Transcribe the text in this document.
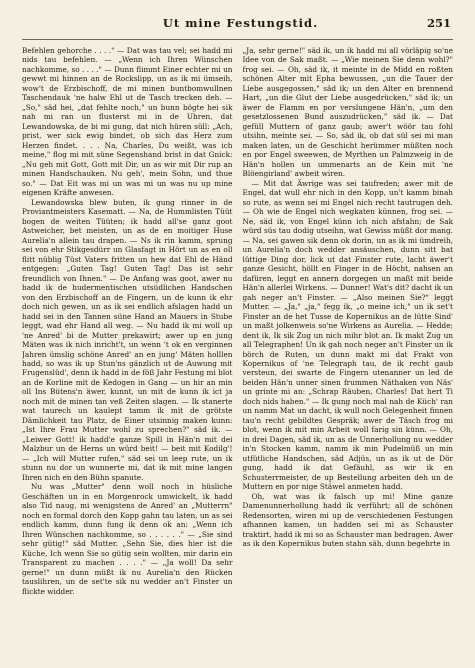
Ut mine Festungstid.	251

Befehlen gehorche . . . ." — Dat was tau vel; sei hadd mi nids tau befehlen. — „Wenn ich Ihren Wünschen nachkomme, so . . . ." — Dunn flimmt Einer echter mi un gewwt mi hinnen an de Rockslipp, un as ik mi ümseih, wow't de Erzbischoff, de mi minen buntbomwullnen Taschendauk 'ne halw Ehl ut de Tasch trecken deh. — „So," säd hei, „dat fehlte noch," un bunn bögte hei sik nah mi ran un flusterst mi in de Uhren, dat Lewandowska, de bi mi gung, dat nich hüren süll: „Ach, prist, wer sick ewig bindet, ob sich das Herz zum Herzen findet. . . . Na, Charles, Du weißt, was ich meine," flog mi mit süne Segenshand brist in dat Gnick: „Nu geh mit Gott, Gott mit Dir, un as wir mit Dir rup an minen Handschauken. Nu geh', mein Sohn, und thue so." — Dat Eit was mi un was mi un was nu up mine eigenen Kräfte anwesen.

Lewandowska blew buten, ik gung rinner in de Proviantmeisters Kasematt. — Na, de Hummlisten Tüüt bogen de weiten Tüüten; ik hadd all'se ganz goot Astweicher, bet meisten, un as de en moitiger Huse Aurelia'n allein tau drapen. — Ns ik rin kamm, sprung sei von ehr Stikgesdürr un Glasfagt in Hört un as en oll flitt nüblig Tüst Vaters fritten un hew dat Ehl de Händ entgegen: „Guten Tag! Guten Tag! Das ist sehr freundlich von Ihnen." — De Anfang was goot, awer nu hadd ik de hudermentischen utsüdlichen Handschen von den Erzbischoff an de Fingern, un de kunn ik ehr doch nich gewen, un as ik sei endlich afslagen hadd un hadd sei in den Tannen süne Hand an Mauers in Stube leggt, wad ehr Hand all weg. — Nu hadd ik mi woll up 'ne Anred' bi de Mutter prekawirt; awer up en jung Mäten was ik nich inricht't, un wenn 't ok en verginnen Jahren ümslig schöne Anred' an en jung' Mäten holllen hadd, so was ik up Stun'ns gänzlich ut de Auwung mit Frugenslüd', denn ik hadd in de föß Jahr Festung mi blot an de Korline mit de Kedogen in Gang — un hir an min oll Ins Bütens'n äwer, kunnt, un mit de kunn ik ict ja noch mit de minen tan veß Zeiten slagen. — Ik stanerte wat taurech un kaulept tamm ik mit de grötste Dämlichkeit tau Platz, de Einer utsinnig maken kunn: „Ist Ihre Frau Mutter wohl zu sprechen?" säd ik. — „Leiwer Gott! ik hadd'e ganze Spill in Hän'n mit dei Malzbur un de Herns un würd beit! — beit mit Kodilg'! — „Ich will Mutter rufen," säd sei un leep rute, un ik stunn nu dor un wunnerte mi, dat ik mit mine langen Ihren nich en den Bühn spanute.

Nu was „Mutter" denn woll noch in hüsliche Geschäften un in en Morgenrock umwickelt, ik hadd also Tid naug, mi wenigstens de Anred' an „Mutterrn" noch en formal dorch den Kopp gahn tau laten, un as sei endlich kamm, dunn fung ik denn ok an: „Wenn ich Ihren Wünschen nachkomme, so . . . . . ." — „Sie sind sehr gütig!" säd Mutter. „Sehn Sie, dies hier ist die Küche, Ich wenn Sie so gütig sein wollten, mir darin ein Transparent zu machen . . . ." — „Ja woll! Da sehr gerne!" un dunn müßt ik nu Aurelia'n den Rücken tauslihren, un de set'te sik nu wedder an't Finster un flickte widder.

„Ja, sehr gerne!" säd ik, un ik hadd mi all vörläpig so'ne Idee von de Sak maßt. — „Wie meinen Sie denn wohl?" frog sei. — Oh, säd ik, it meinte in de Midd en roßten schönen Alter mit Epha bewussen, „un die Tauer der Liebe ausgegossen," säd ik; un den Alter en brennend Hart, „un die Glut der Liebe ausgedrücken," säd ik; un äwer de Flamm en por verslungene Hän'n, „um den gesetzlossenen Bund auszudrücken," säd ik. — Dat gefüll Muttern of ganz gaub; awer't wöör tau fohl utsihn, meinte sei. — So, säd ik, ob dat sül sei mi man maken laten, un de Geschicht herümmer müßten noch en por Engel sweewen, de Myrthen un Palmzweig in de Hän'n hollen un ummenarts an de Kein mit 'ne Blöengirland' awbeit wiren.

— Mit dat Äwrige was sei taufreden; awer mit de Engel, dat wull ehr nich in den Kopp, un't kamm binah so rute, as wenn sei mi Engel nich recht tautrugen deh. — Oh wie de Engel nich wegkaten künnen, frog sei. — Ne, säd ik, von Engel künn ich nich afstahn; de Sak würd süs tau dodig utseihn, wat Gewiss müßt dor mang. — Na, sei gawen sik denn ok dorin, un as ik mi ümdreih, un Aurelia'n doch wedder ansäuschen, dunn sitt bat lüttige Ding dor, lick ut dat Finster rute, lacht äwer't ganze Gesicht, höllt en Finger in de Höcht, nahsen an dafüren, leggt en annern dorgegen un maßt mit beide Hän'n allerlei Wirkens. — Dunner! Wat's dit? dacht ik un gah neger an't Finster. — „Also meinen Sie?" leggt Mutter. — „Ja," „ja," fegg ik, „o meine ich," un ik set't Finster an de het Tusse de Kopernikus an de lütte Sind' un maßt jolkenweis so'ne Wirkens as Aurelia. — Hedde; dent ik, Ik sik Zug un nich mihr blot an. Ik makt Zug un all Telegraphen! Un ik gah noch neger an't Finster un ik börch de Ruten, un dunn makt mi dat Frakt von Kopernikus of 'ne Telegraph tau, de ik recht gaub versteun, dei swarte de Fingern utenanner un led de beiden Hän'n unner sinen frummen Näthaken von Näs' un grinte mi an: „Schrap Räuben, Charles! Dat hert Ti doch nids haben." — Ik gung noch mal nah de Küch' ran un namm Mat un dacht, ik wull noch Gelegenheit finnen tau'n recht gebildtes Gespräk; awer de Täsch frog mi blot, wenn ik mit min Arbeit woll farig sin künn. — Oh, in drei Dagen, säd ik, un as de Unnerhollung nu wedder in'n Stocken kamm, namm ik min Pudelmüß un min utfütliche Handschen, säd Adjüs, un as ik ut de Dör gung, hadd ik dat Gefäuhl, as wir ik en Schusterrmeister, de up Bestellung arbeiten deh un de Muttern en por nige Stäwel anmeten hadd.

Oh, wat was ik falsch up mi! Mine ganze Damenunnerhollung hadd ik verführt; all de schönen Redensorten, wiren mi up de verschiedenen Festungen afhannen kamen, un hadden sei mi as Schauster traktirt, hadd ik mi so as Schauster man bedragen. Awer as ik den Kopernikus buten stahn säh, dunn begehrte in
